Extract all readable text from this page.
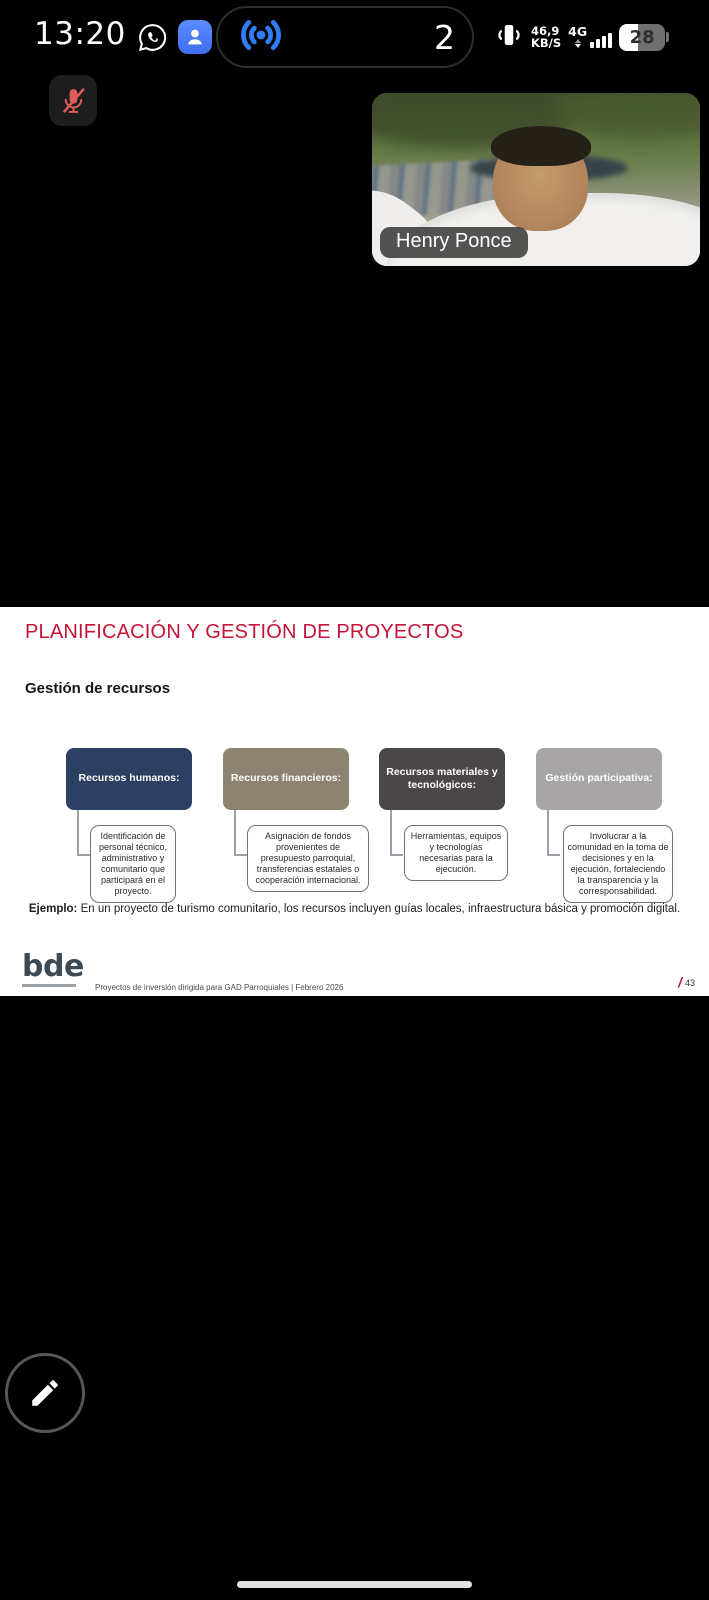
13:20	2	46,9
KB/S
4G 28
Henry Ponce
PLANIFICACIÓN Y GESTIÓN DE PROYECTOS
Gestión de recursos
Recursos humanos:
Identificación de personal técnico, administrativo y comunitario que participará en el proyecto.
Recursos financieros:
Asignación de fondos provenientes de presupuesto parroquial, transferencias estatales o cooperación internacional.
Recursos materiales y tecnológicos:
Herramientas, equipos y tecnologías necesarias para la ejecución.
Gestión participativa:
Involucrar a la comunidad en la toma de decisiones y en la ejecución, fortaleciendo la transparencia y la corresponsabilidad.
Ejemplo: En un proyecto de turismo comunitario, los recursos incluyen guías locales, infraestructura básica y promoción digital.
bde
Proyectos de inversión dirigida para GAD Parroquiales | Febrero 2026	/ 43
